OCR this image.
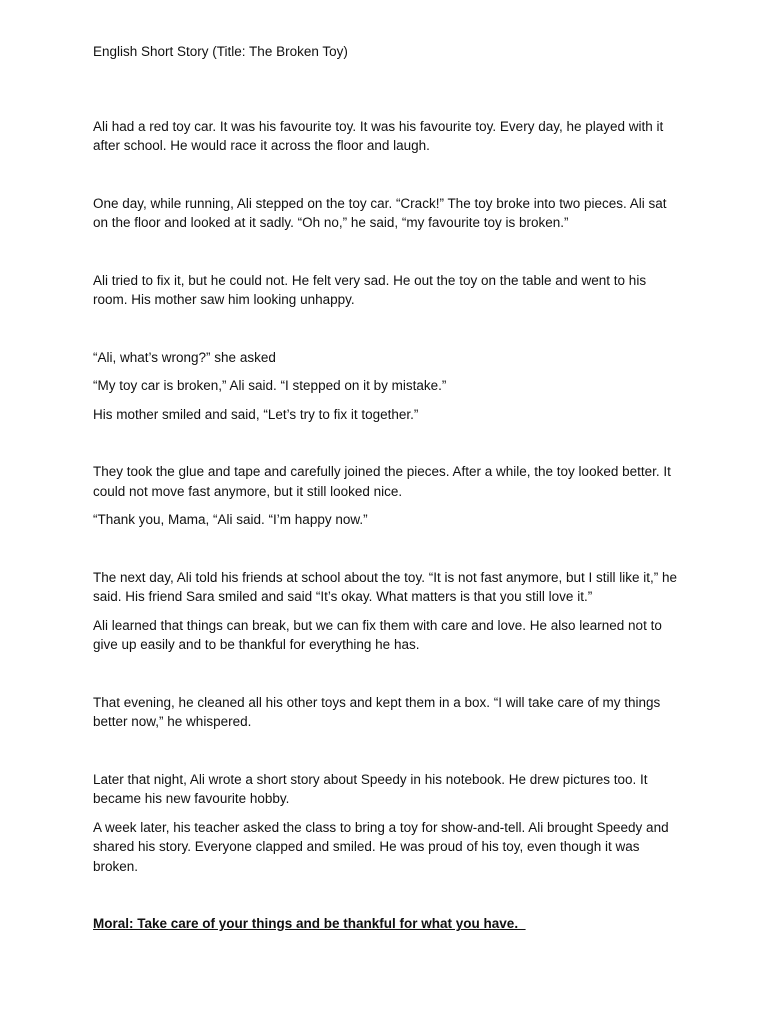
English Short Story (Title: The Broken Toy)

Ali had a red toy car. It was his favourite toy. It was his favourite toy. Every day, he played with it after school. He would race it across the floor and laugh.

One day, while running, Ali stepped on the toy car. “Crack!” The toy broke into two pieces. Ali sat on the floor and looked at it sadly. “Oh no,” he said, “my favourite toy is broken.”

Ali tried to fix it, but he could not. He felt very sad. He out the toy on the table and went to his room. His mother saw him looking unhappy.

“Ali, what’s wrong?” she asked

“My toy car is broken,” Ali said. “I stepped on it by mistake.”

His mother smiled and said, “Let’s try to fix it together.”

They took the glue and tape and carefully joined the pieces. After a while, the toy looked better. It could not move fast anymore, but it still looked nice.

“Thank you, Mama, “Ali said. “I’m happy now.”

The next day, Ali told his friends at school about the toy. “It is not fast anymore, but I still like it,” he said. His friend Sara smiled and said “It’s okay. What matters is that you still love it.”

Ali learned that things can break, but we can fix them with care and love. He also learned not to give up easily and to be thankful for everything he has.

That evening, he cleaned all his other toys and kept them in a box. “I will take care of my things better now,” he whispered.

Later that night, Ali wrote a short story about Speedy in his notebook. He drew pictures too. It became his new favourite hobby.

A week later, his teacher asked the class to bring a toy for show-and-tell. Ali brought Speedy and shared his story. Everyone clapped and smiled. He was proud of his toy, even though it was broken.

Moral: Take care of your things and be thankful for what you have.
